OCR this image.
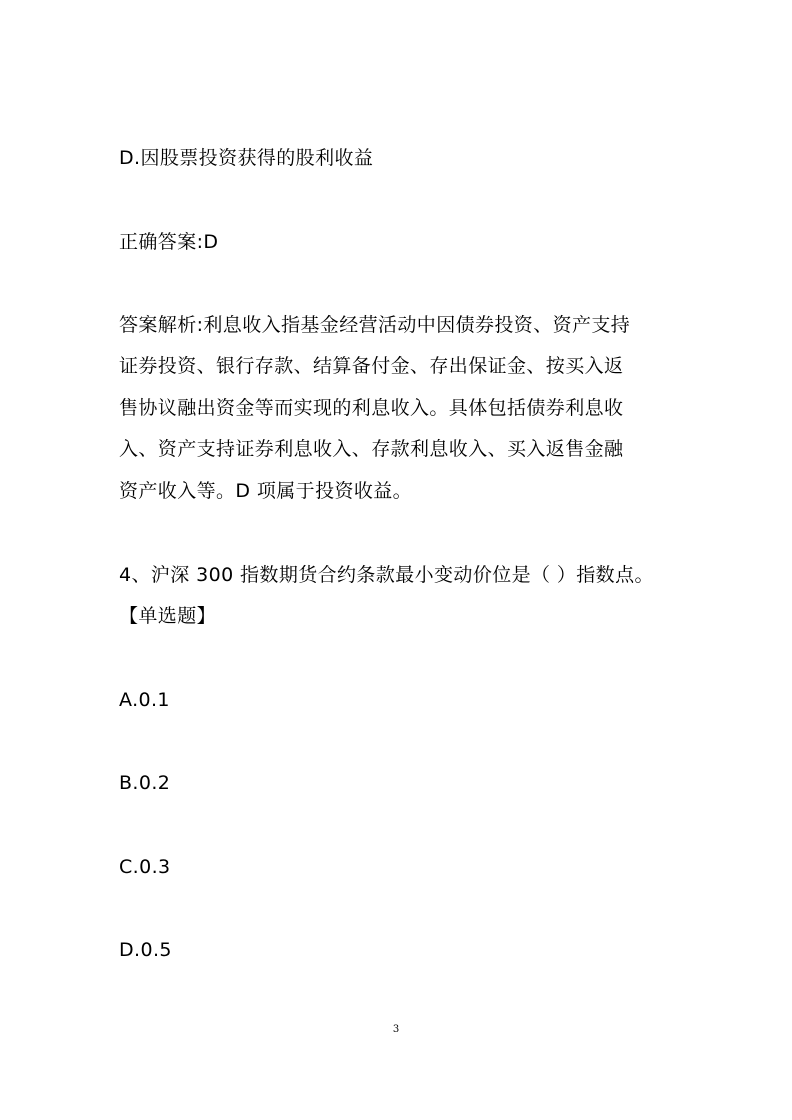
D.因股票投资获得的股利收益
正确答案:D
答案解析:利息收入指基金经营活动中因债券投资、资产支持
证券投资、银行存款、结算备付金、存出保证金、按买入返
售协议融出资金等而实现的利息收入。具体包括债券利息收
入、资产支持证券利息收入、存款利息收入、买入返售金融
资产收入等。D 项属于投资收益。
4、沪深 300 指数期货合约条款最小变动价位是（ ）指数点。
【单选题】
A.0.1
B.0.2
C.0.3
D.0.5
3
